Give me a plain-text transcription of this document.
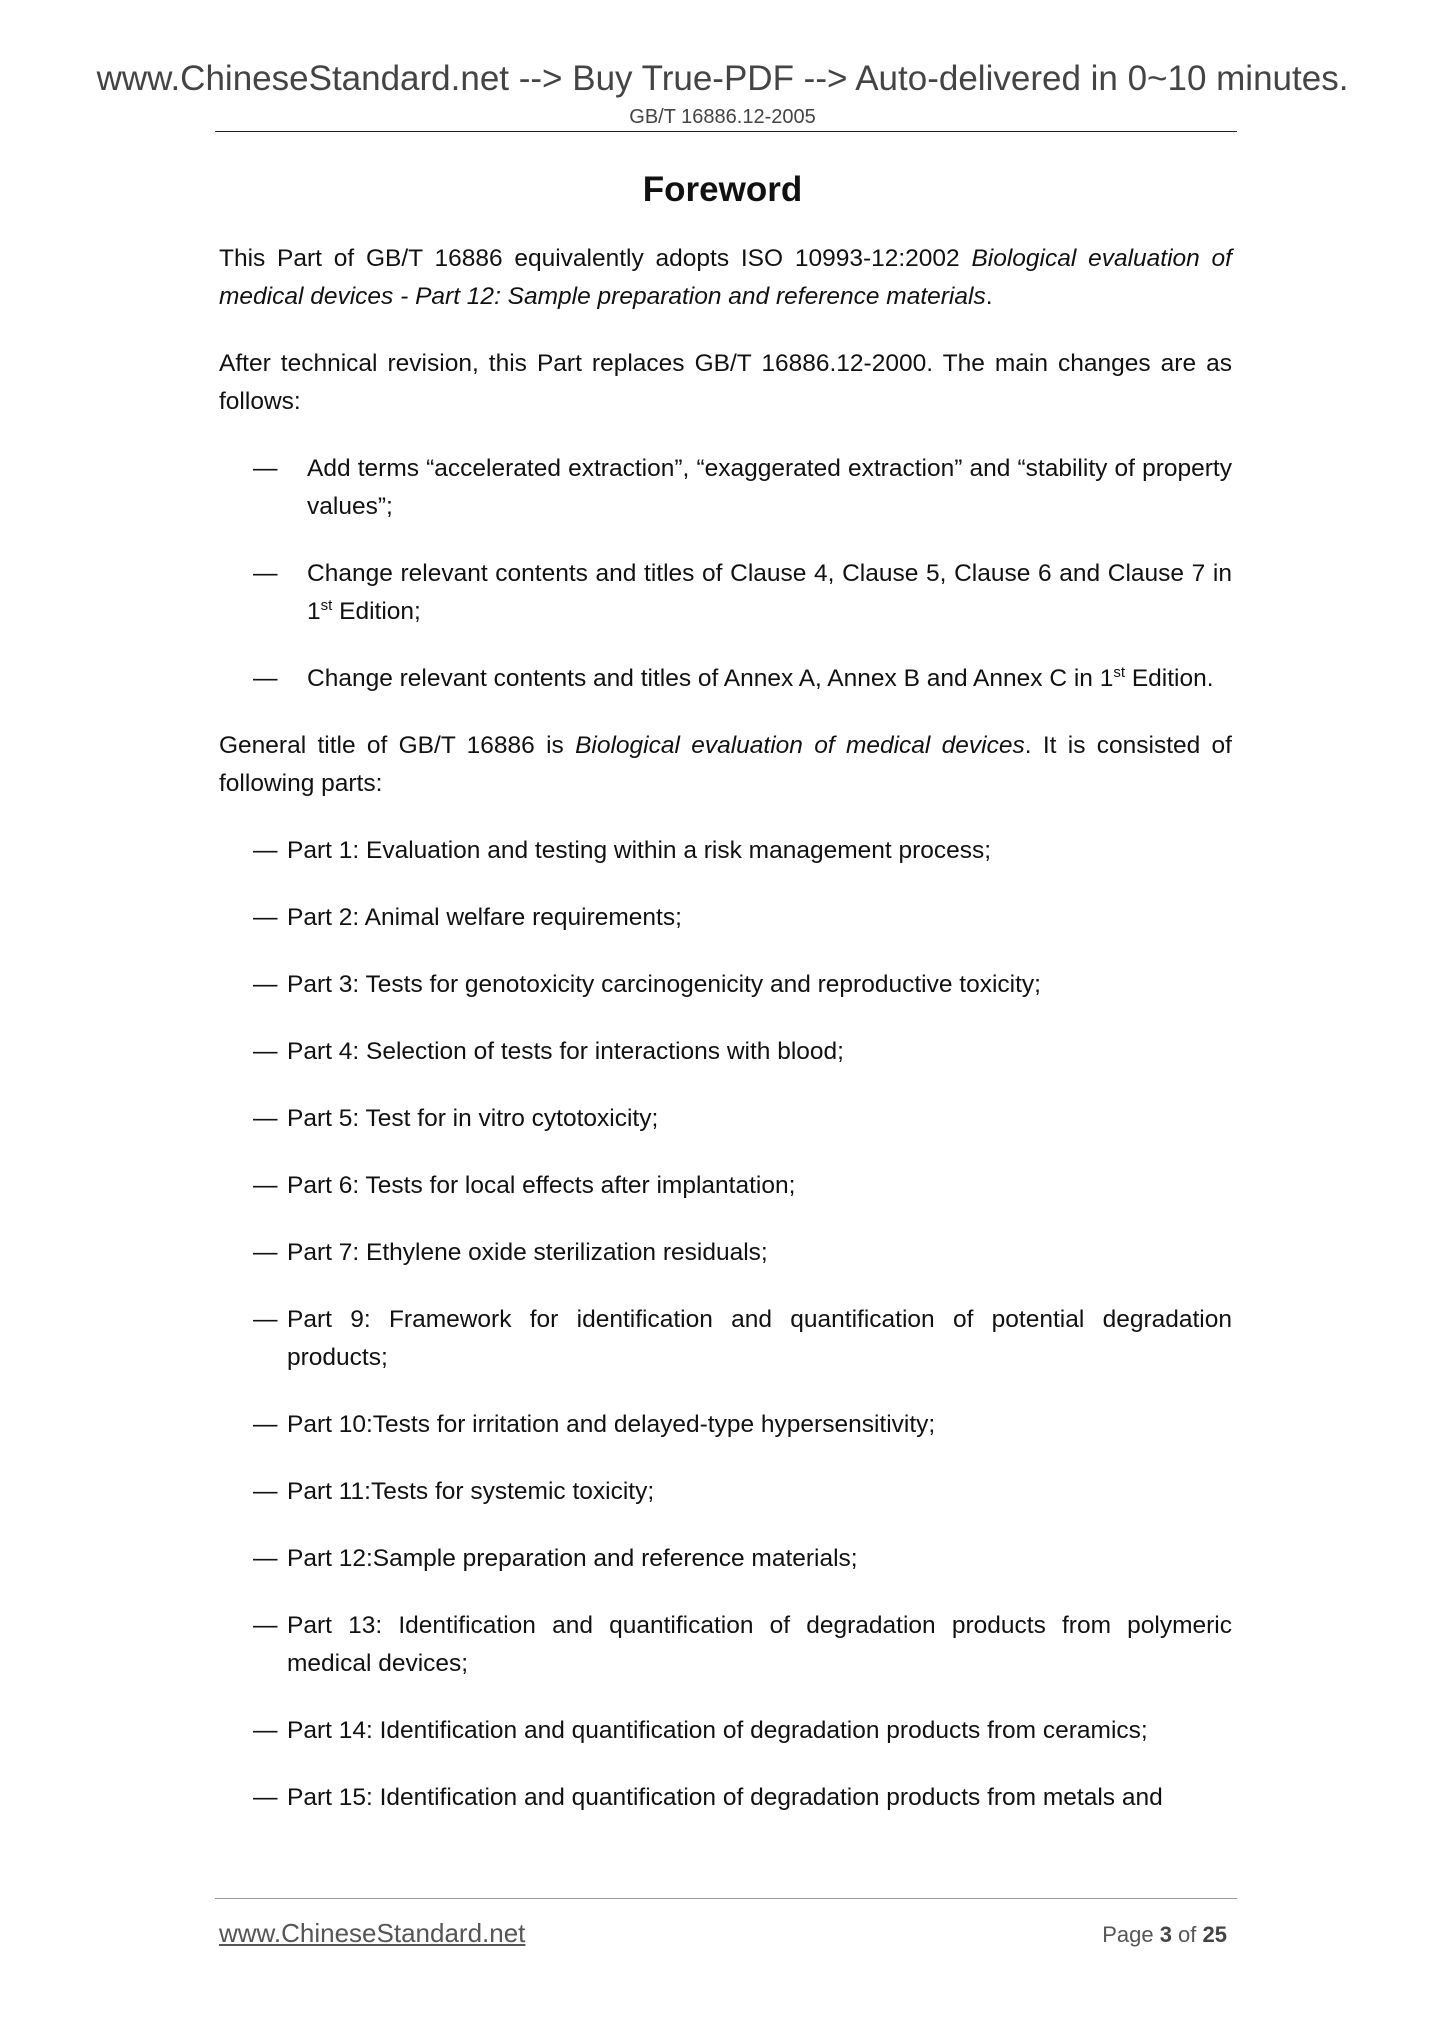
www.ChineseStandard.net --> Buy True-PDF --> Auto-delivered in 0~10 minutes.
GB/T 16886.12-2005
Foreword

This Part of GB/T 16886 equivalently adopts ISO 10993-12:2002 Biological evaluation of medical devices - Part 12: Sample preparation and reference materials.

After technical revision, this Part replaces GB/T 16886.12-2000. The main changes are as follows:

— Add terms “accelerated extraction”, “exaggerated extraction” and “stability of property values”;
— Change relevant contents and titles of Clause 4, Clause 5, Clause 6 and Clause 7 in 1st Edition;
— Change relevant contents and titles of Annex A, Annex B and Annex C in 1st Edition.

General title of GB/T 16886 is Biological evaluation of medical devices. It is consisted of following parts:

— Part 1: Evaluation and testing within a risk management process;
— Part 2: Animal welfare requirements;
— Part 3: Tests for genotoxicity carcinogenicity and reproductive toxicity;
— Part 4: Selection of tests for interactions with blood;
— Part 5: Test for in vitro cytotoxicity;
— Part 6: Tests for local effects after implantation;
— Part 7: Ethylene oxide sterilization residuals;
— Part 9: Framework for identification and quantification of potential degradation products;
— Part 10:Tests for irritation and delayed-type hypersensitivity;
— Part 11:Tests for systemic toxicity;
— Part 12:Sample preparation and reference materials;
— Part 13: Identification and quantification of degradation products from polymeric medical devices;
— Part 14: Identification and quantification of degradation products from ceramics;
— Part 15: Identification and quantification of degradation products from metals and
www.ChineseStandard.net	Page 3 of 25
